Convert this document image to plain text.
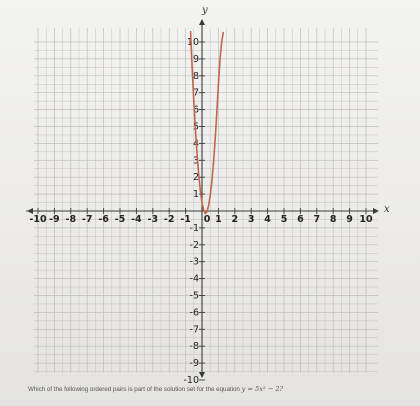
-10 -9 -8 -7 -6 -5 -4 -3 -2 -1 0 1 2 3 4 5 6 7 8 9 10
10
9
8
7
6
5
4
3
2
1
-1
-2
-3
-4
-5
-6
-7
-8
-9
-10
x
y
Which of the following ordered pairs is part of the solution set for the equation y = 5x² − 2?
